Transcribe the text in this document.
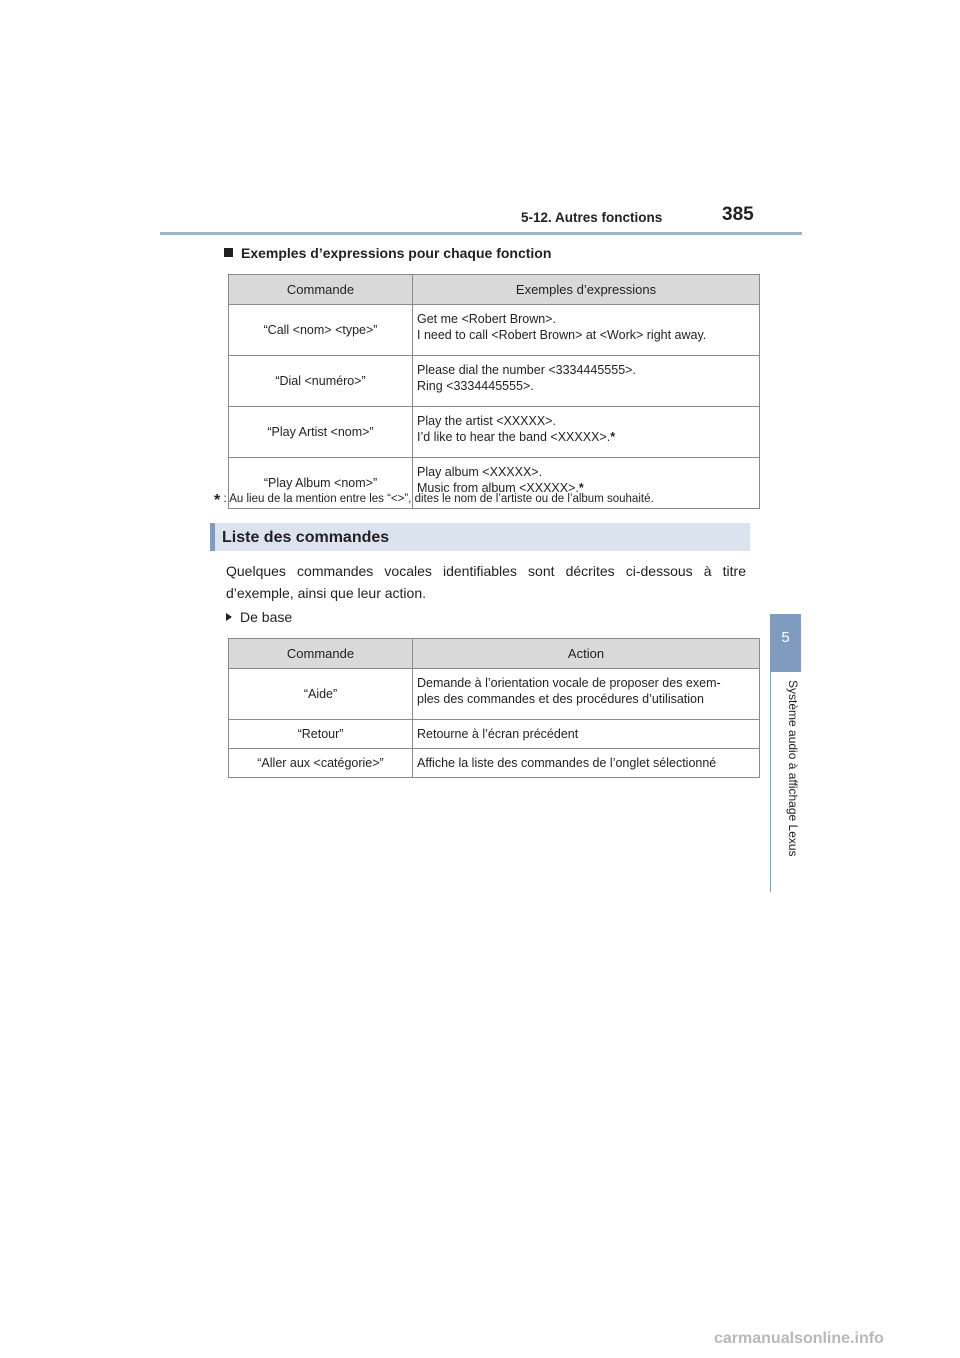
5-12. Autres fonctions	385
5
Système audio à affichage Lexus
Exemples d’expressions pour chaque fonction
Commande	Exemples d’expressions
“Call <nom> <type>”	Get me <Robert Brown>.
I need to call <Robert Brown> at <Work> right away.

“Dial <numéro>”	Please dial the number <3334445555>.
Ring <3334445555>.

“Play Artist <nom>”	Play the artist <XXXXX>.
I’d like to hear the band <XXXXX>.*

“Play Album <nom>”	Play album <XXXXX>.
Music from album <XXXXX>.*
* : Au lieu de la mention entre les “<>”, dites le nom de l’artiste ou de l’album souhaité.
Liste des commandes
Quelques commandes vocales identifiables sont décrites ci-dessous à titre d’exemple, ainsi que leur action.
De base
Commande	Action
“Aide”	Demande à l’orientation vocale de proposer des exem-
ples des commandes et des procédures d’utilisation

“Retour”	Retourne à l’écran précédent
“Aller aux <catégorie>”	Affiche la liste des commandes de l’onglet sélectionné
carmanualsonline.info
